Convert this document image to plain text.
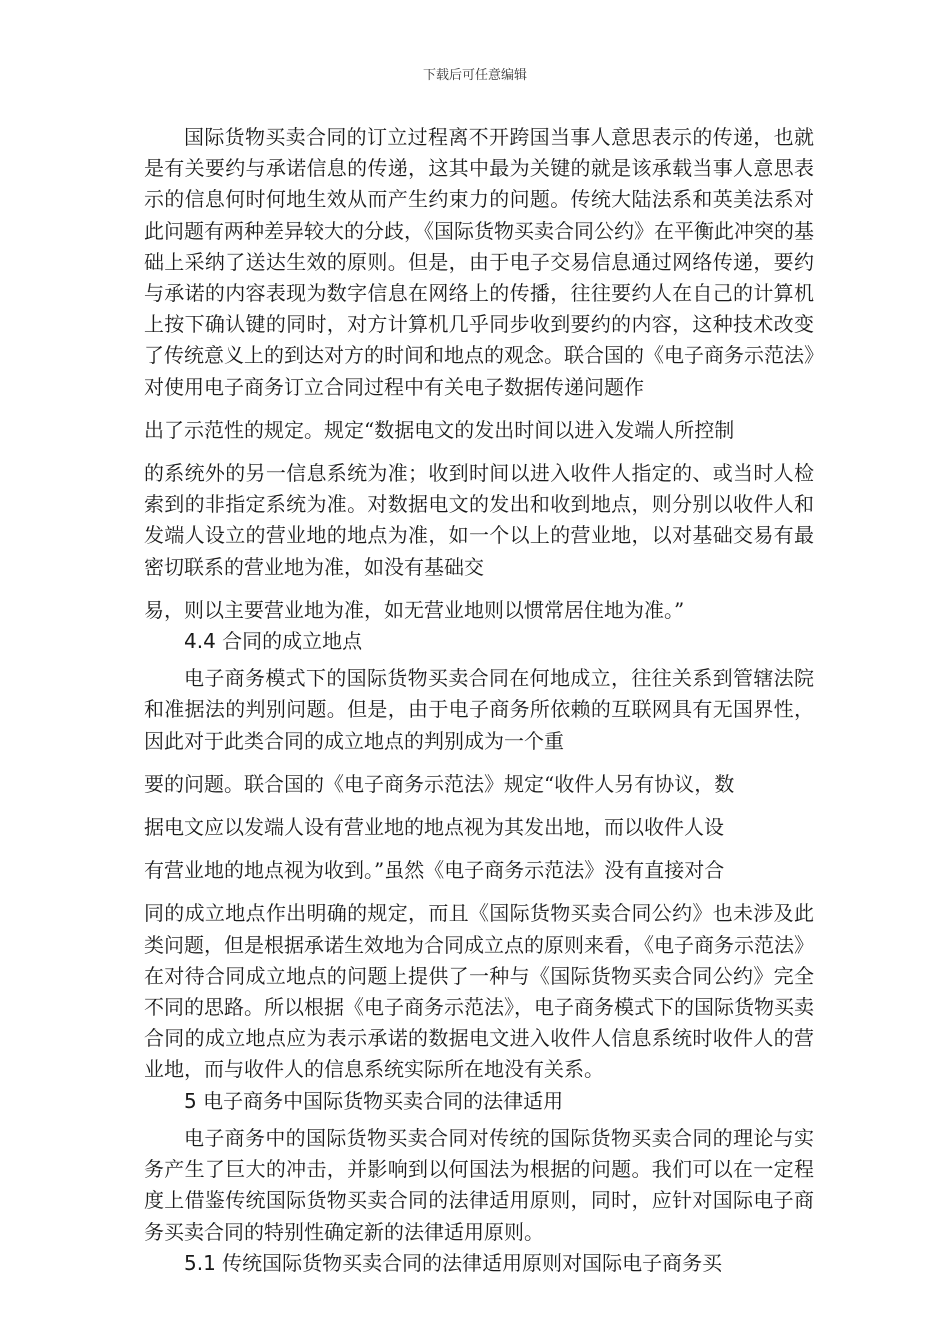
下载后可任意编辑

国际货物买卖合同的订立过程离不开跨国当事人意思表示的传递，也就是有关要约与承诺信息的传递，这其中最为关键的就是该承载当事人意思表示的信息何时何地生效从而产生约束力的问题。传统大陆法系和英美法系对此问题有两种差异较大的分歧，《国际货物买卖合同公约》在平衡此冲突的基础上采纳了送达生效的原则。但是，由于电子交易信息通过网络传递，要约与承诺的内容表现为数字信息在网络上的传播，往往要约人在自己的计算机上按下确认键的同时，对方计算机几乎同步收到要约的内容，这种技术改变了传统意义上的到达对方的时间和地点的观念。联合国的《电子商务示范法》对使用电子商务订立合同过程中有关电子数据传递问题作

出了示范性的规定。规定“数据电文的发出时间以进入发端人所控制

的系统外的另一信息系统为准；收到时间以进入收件人指定的、或当时人检索到的非指定系统为准。对数据电文的发出和收到地点，则分别以收件人和发端人设立的营业地的地点为准，如一个以上的营业地，以对基础交易有最密切联系的营业地为准，如没有基础交

易，则以主要营业地为准，如无营业地则以惯常居住地为准。”

4.4 合同的成立地点

电子商务模式下的国际货物买卖合同在何地成立，往往关系到管辖法院和准据法的判别问题。但是，由于电子商务所依赖的互联网具有无国界性，因此对于此类合同的成立地点的判别成为一个重

要的问题。联合国的《电子商务示范法》规定“收件人另有协议，数

据电文应以发端人设有营业地的地点视为其发出地，而以收件人设

有营业地的地点视为收到。”虽然《电子商务示范法》没有直接对合

同的成立地点作出明确的规定，而且《国际货物买卖合同公约》也未涉及此类问题，但是根据承诺生效地为合同成立点的原则来看，《电子商务示范法》在对待合同成立地点的问题上提供了一种与《国际货物买卖合同公约》完全不同的思路。所以根据《电子商务示范法》，电子商务模式下的国际货物买卖合同的成立地点应为表示承诺的数据电文进入收件人信息系统时收件人的营业地，而与收件人的信息系统实际所在地没有关系。

5 电子商务中国际货物买卖合同的法律适用

电子商务中的国际货物买卖合同对传统的国际货物买卖合同的理论与实务产生了巨大的冲击，并影响到以何国法为根据的问题。我们可以在一定程度上借鉴传统国际货物买卖合同的法律适用原则，同时，应针对国际电子商务买卖合同的特别性确定新的法律适用原则。

5.1 传统国际货物买卖合同的法律适用原则对国际电子商务买
